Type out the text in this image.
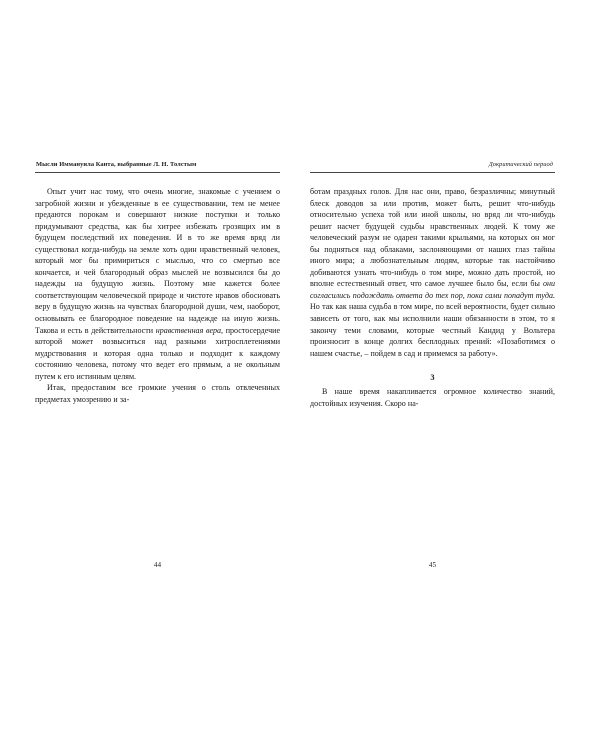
Мысли Иммануила Канта, выбранные Л. Н. Толстым

Опыт учит нас тому, что очень многие, знакомые с учением о загробной жизни и убежденные в ее существовании, тем не менее предаются порокам и совершают низкие поступки и только придумывают средства, как бы хитрее избежать грозящих им в будущем последствий их поведения. И в то же время вряд ли существовал когда-нибудь на земле хоть один нравственный человек, который мог бы примириться с мыслью, что со смертью все кончается, и чей благородный образ мыслей не возвысился бы до надежды на будущую жизнь. Поэтому мне кажется более соответствующим человеческой природе и чистоте нравов обосновать веру в будущую жизнь на чувствах благородной души, чем, наоборот, основывать ее благородное поведение на надежде на иную жизнь. Такова и есть в действительности нравственная вера, простосердечие которой может возвыситься над разными хитросплетениями мудрствования и которая одна только и подходит к каждому состоянию человека, потому что ведет его прямым, а не окольным путем к его истинным целям.

Итак, предоставим все громкие учения о столь отвлеченных предметах умозрению и за-

44
Докритический период

ботам праздных голов. Для нас они, право, безразличны; минутный блеск доводов за или против, может быть, решит что-нибудь относительно успеха той или иной школы, но вряд ли что-нибудь решит насчет будущей судьбы нравственных людей. К тому же человеческий разум не одарен такими крыльями, на которых он мог бы подняться над облаками, заслоняющими от наших глаз тайны иного мира; а любознательным людям, которые так настойчиво добиваются узнать что-нибудь о том мире, можно дать простой, но вполне естественный ответ, что самое лучшее было бы, если бы они согласились подождать ответа до тех пор, пока сами попадут туда. Но так как наша судьба в том мире, по всей вероятности, будет сильно зависеть от того, как мы исполнили наши обязанности в этом, то я закончу теми словами, которые честный Кандид у Вольтера произносит в конце долгих бесплодных прений: «Позаботимся о нашем счастье, – пойдем в сад и примемся за работу».

3

В наше время накапливается огромное количество знаний, достойных изучения. Скоро на-

45
